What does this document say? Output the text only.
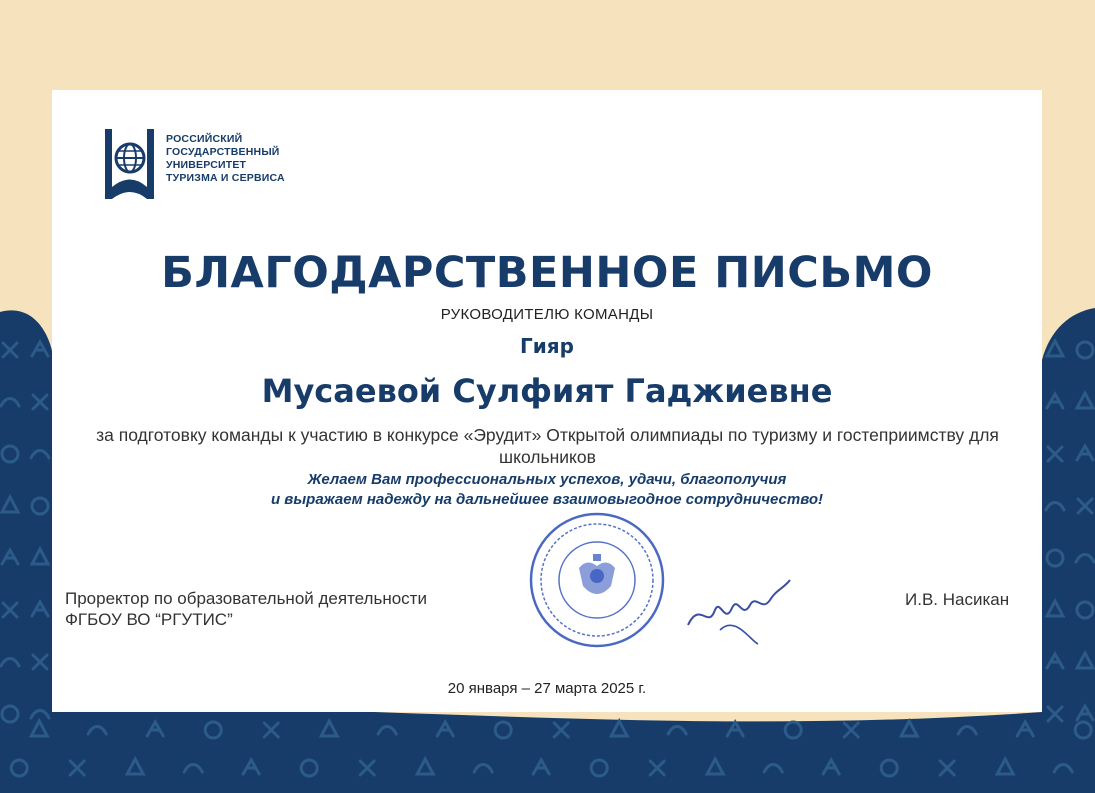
РОССИЙСКИЙ
ГОСУДАРСТВЕННЫЙ
УНИВЕРСИТЕТ
ТУРИЗМА И СЕРВИСА
БЛАГОДАРСТВЕННОЕ ПИСЬМО
РУКОВОДИТЕЛЮ КОМАНДЫ
Гияр
Мусаевой Сулфият Гаджиевне
за подготовку команды к участию в конкурсе «Эрудит» Открытой олимпиады по туризму и гостеприимству для школьников
Желаем Вам профессиональных успехов, удачи, благополучия
и выражаем надежду на дальнейшее взаимовыгодное сотрудничество!
Проректор по образовательной деятельности
ФГБОУ ВО “РГУТИС”
И.В. Насикан
20 января – 27 марта 2025 г.
